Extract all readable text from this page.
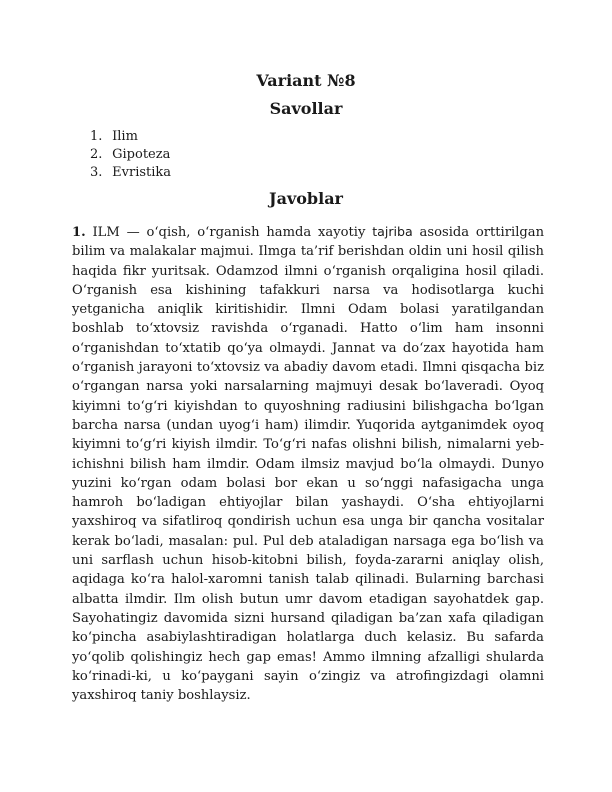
Variant №8
Savollar
1. Ilim
2. Gipoteza
3. Evristika
Javoblar

1. ILM — o‘qish, o‘rganish hamda xayotiy tajriba asosida orttirilgan bilim va malakalar majmui. Ilmga ta’rif berishdan oldin uni hosil qilish haqida fikr yuritsak. Odamzod ilmni o‘rganish orqaligina hosil qiladi. O‘rganish esa kishining tafakkuri narsa va hodisotlarga kuchi yetganicha aniqlik kiritishidir. Ilmni Odam bolasi yaratilgandan boshlab to‘xtovsiz ravishda o‘rganadi. Hatto o‘lim ham insonni o‘rganishdan to‘xtatib qo‘ya olmaydi. Jannat va do‘zax hayotida ham o‘rganish jarayoni to‘xtovsiz va abadiy davom etadi. Ilmni qisqacha biz o‘rgangan narsa yoki narsalarning majmuyi desak bo‘laveradi. Oyoq kiyimni to‘g‘ri kiyishdan to quyoshning radiusini bilishgacha bo‘lgan barcha narsa (undan uyog‘i ham) ilimdir. Yuqorida aytganimdek oyoq kiyimni to‘g‘ri kiyish ilmdir. To‘g‘ri nafas olishni bilish, nimalarni yeb-ichishni bilish ham ilmdir. Odam ilmsiz mavjud bo‘la olmaydi. Dunyo yuzini ko‘rgan odam bolasi bor ekan u so‘nggi nafasigacha unga hamroh bo‘ladigan ehtiyojlar bilan yashaydi. O‘sha ehtiyojlarni yaxshiroq va sifatliroq qondirish uchun esa unga bir qancha vositalar kerak bo‘ladi, masalan: pul. Pul deb ataladigan narsaga ega bo‘lish va uni sarflash uchun hisob-kitobni bilish, foyda-zararni aniqlay olish, aqidaga ko‘ra halol-xaromni tanish talab qilinadi. Bularning barchasi albatta ilmdir. Ilm olish butun umr davom etadigan sayohatdek gap. Sayohatingiz davomida sizni hursand qiladigan ba’zan xafa qiladigan ko‘pincha asabiylashtiradigan holatlarga duch kelasiz. Bu safarda yo‘qolib qolishingiz hech gap emas! Ammo ilmning afzalligi shularda ko‘rinadi-ki, u ko‘paygani sayin o‘zingiz va atrofingizdagi olamni yaxshiroq taniy boshlaysiz.
